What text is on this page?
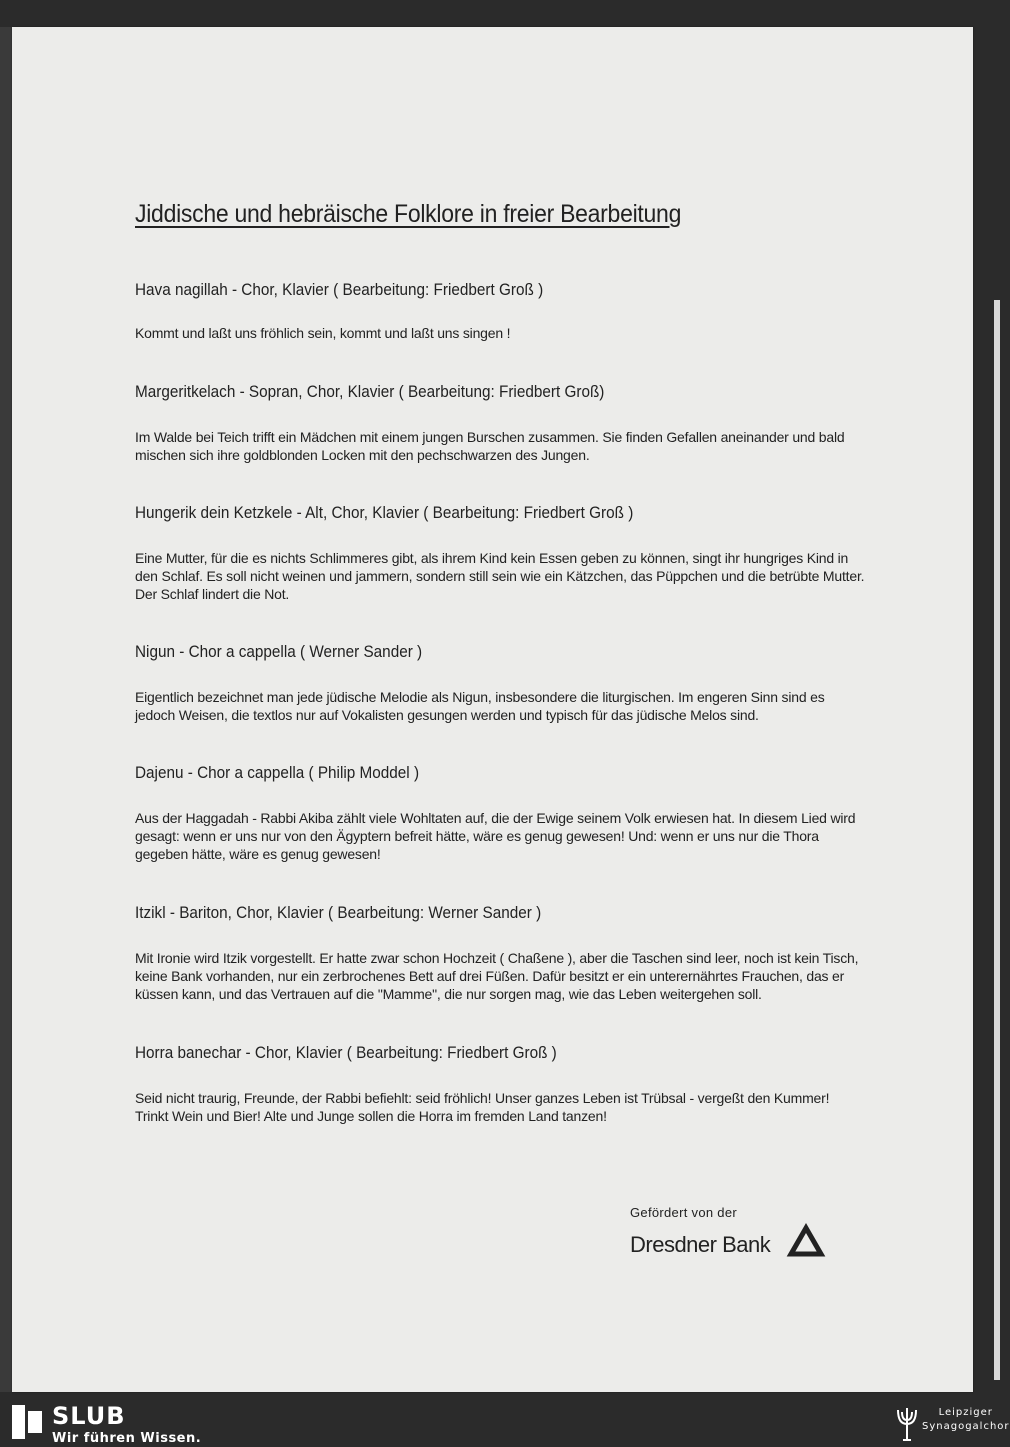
Jiddische und hebräische Folklore in freier Bearbeitung

Hava nagillah - Chor, Klavier ( Bearbeitung: Friedbert Groß )

Kommt und laßt uns fröhlich sein, kommt und laßt uns singen !

Margeritkelach - Sopran, Chor, Klavier ( Bearbeitung: Friedbert Groß)

Im Walde bei Teich trifft ein Mädchen mit einem jungen Burschen zusammen. Sie finden Gefallen aneinander und bald mischen sich ihre goldblonden Locken mit den pechschwarzen des Jungen.

Hungerik dein Ketzkele - Alt, Chor, Klavier ( Bearbeitung: Friedbert Groß )

Eine Mutter, für die es nichts Schlimmeres gibt, als ihrem Kind kein Essen geben zu können, singt ihr hungriges Kind in den Schlaf. Es soll nicht weinen und jammern, sondern still sein wie ein Kätzchen, das Püppchen und die betrübte Mutter. Der Schlaf lindert die Not.

Nigun - Chor a cappella ( Werner Sander )

Eigentlich bezeichnet man jede jüdische Melodie als Nigun, insbesondere die liturgischen. Im engeren Sinn sind es jedoch Weisen, die textlos nur auf Vokalisten gesungen werden und typisch für das jüdische Melos sind.

Dajenu - Chor a cappella ( Philip Moddel )

Aus der Haggadah - Rabbi Akiba zählt viele Wohltaten auf, die der Ewige seinem Volk erwiesen hat. In diesem Lied wird gesagt: wenn er uns nur von den Ägyptern befreit hätte, wäre es genug gewesen! Und: wenn er uns nur die Thora gegeben hätte, wäre es genug gewesen!

Itzikl - Bariton, Chor, Klavier ( Bearbeitung: Werner Sander )

Mit Ironie wird Itzik vorgestellt. Er hatte zwar schon Hochzeit ( Chaßene ), aber die Taschen sind leer, noch ist kein Tisch, keine Bank vorhanden, nur ein zerbrochenes Bett auf drei Füßen. Dafür besitzt er ein unterernährtes Frauchen, das er küssen kann, und das Vertrauen auf die "Mamme", die nur sorgen mag, wie das Leben weitergehen soll.

Horra banechar - Chor, Klavier ( Bearbeitung: Friedbert Groß )

Seid nicht traurig, Freunde, der Rabbi befiehlt: seid fröhlich! Unser ganzes Leben ist Trübsal - vergeßt den Kummer! Trinkt Wein und Bier! Alte und Junge sollen die Horra im fremden Land tanzen!

Gefördert von der

Dresdner Bank
SLUB
Wir führen Wissen.
Leipziger
Synagogalchor
